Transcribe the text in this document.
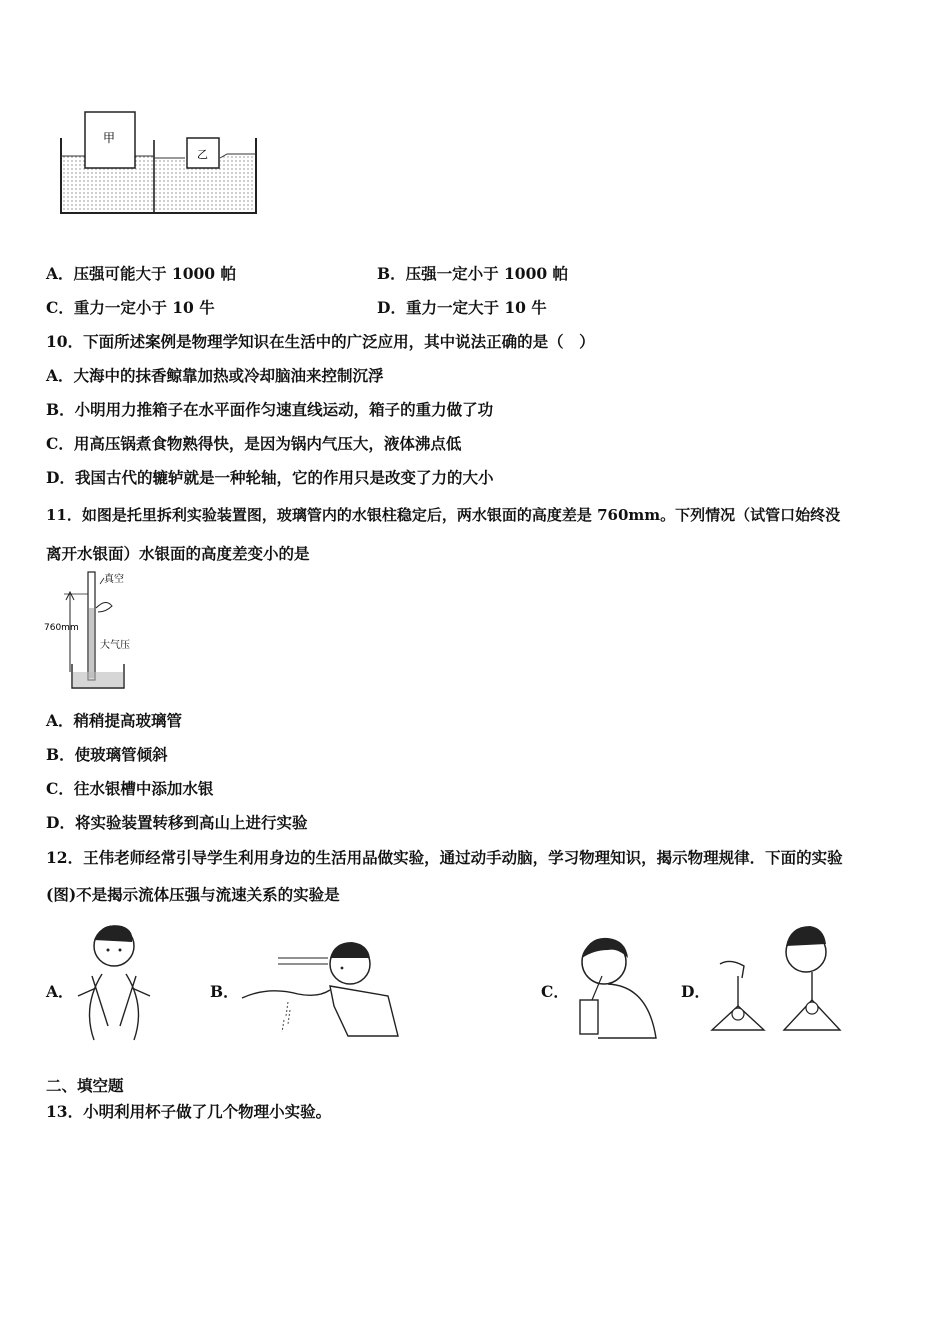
甲
乙
A．压强可能大于 1000 帕	B．压强一定小于 1000 帕
C．重力一定小于 10 牛	D．重力一定大于 10 牛
10．下面所述案例是物理学知识在生活中的广泛应用，其中说法正确的是（　）
A．大海中的抹香鲸靠加热或冷却脑油来控制沉浮
B．小明用力推箱子在水平面作匀速直线运动，箱子的重力做了功
C．用高压锅煮食物熟得快，是因为锅内气压大，液体沸点低
D．我国古代的辘轳就是一种轮轴，它的作用只是改变了力的大小
11．如图是托里拆利实验装置图，玻璃管内的水银柱稳定后，两水银面的高度差是 760mm。下列情况（试管口始终没
离开水银面）水银面的高度差变小的是
真空
760mm
大气压
A．稍稍提高玻璃管
B．使玻璃管倾斜
C．往水银槽中添加水银
D．将实验装置转移到高山上进行实验
12．王伟老师经常引导学生利用身边的生活用品做实验，通过动手动脑，学习物理知识，揭示物理规律．下面的实验
(图)不是揭示流体压强与流速关系的实验是
A．	B．	C．	D．
二、填空题
13．小明利用杯子做了几个物理小实验。
